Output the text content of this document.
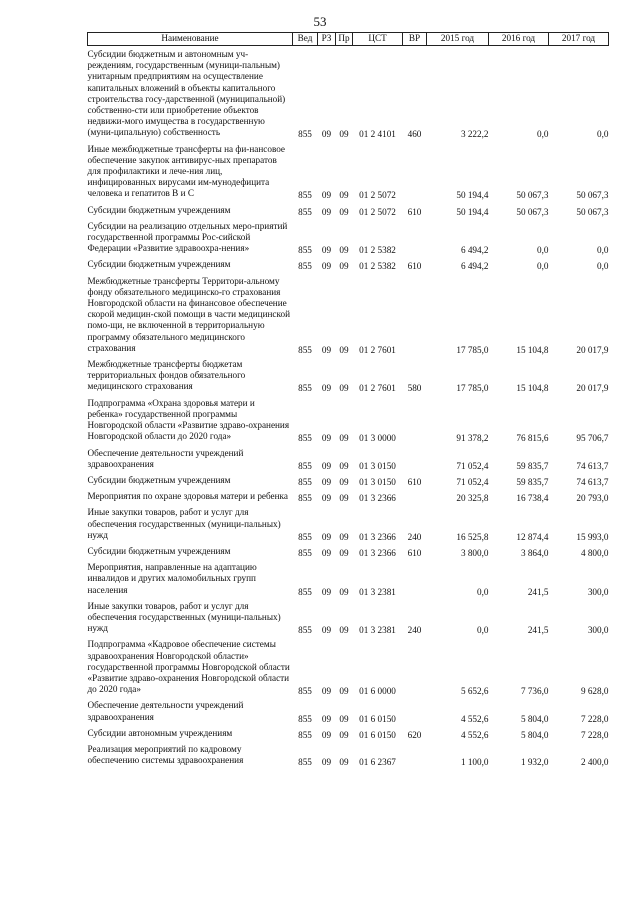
53
Наименование	Вед	РЗ	Пр	ЦСТ	ВР	2015 год	2016 год	2017 год
Субсидии бюджетным и автономным уч-реждениям, государственным (муници-пальным) унитарным предприятиям на осуществление капитальных вложений в объекты капитального строительства госу-дарственной (муниципальной) собственно-сти или приобретение объектов недвижи-мого имущества в государственную (муни-ципальную) собственность	855	09	09	01 2 4101	460	3 222,2	0,0	0,0
Иные межбюджетные трансферты на фи-нансовое обеспечение закупок антивирус-ных препаратов для профилактики и лече-ния лиц, инфицированных вирусами им-мунодефицита человека и гепатитов В и С	855	09	09	01 2 5072		50 194,4	50 067,3	50 067,3
Субсидии бюджетным учреждениям	855	09	09	01 2 5072	610	50 194,4	50 067,3	50 067,3
Субсидии на реализацию отдельных меро-приятий государственной программы Рос-сийской Федерации «Развитие здравоохра-нения»	855	09	09	01 2 5382		6 494,2	0,0	0,0
Субсидии бюджетным учреждениям	855	09	09	01 2 5382	610	6 494,2	0,0	0,0
Межбюджетные трансферты Территори-альному фонду обязательного медицинско-го страхования Новгородской области на финансовое обеспечение скорой медицин-ской помощи в части медицинской помо-щи, не включенной в территориальную программу обязательного медицинского страхования	855	09	09	01 2 7601		17 785,0	15 104,8	20 017,9
Межбюджетные трансферты бюджетам территориальных фондов обязательного медицинского страхования	855	09	09	01 2 7601	580	17 785,0	15 104,8	20 017,9
Подпрограмма «Охрана здоровья матери и ребенка» государственной программы Новгородской области «Развитие здраво-охранения Новгородской области до 2020 года»	855	09	09	01 3 0000		91 378,2	76 815,6	95 706,7
Обеспечение деятельности учреждений здравоохранения	855	09	09	01 3 0150		71 052,4	59 835,7	74 613,7
Субсидии бюджетным учреждениям	855	09	09	01 3 0150	610	71 052,4	59 835,7	74 613,7
Мероприятия по охране здоровья матери и ребенка	855	09	09	01 3 2366		20 325,8	16 738,4	20 793,0
Иные закупки товаров, работ и услуг для обеспечения государственных (муници-пальных) нужд	855	09	09	01 3 2366	240	16 525,8	12 874,4	15 993,0
Субсидии бюджетным учреждениям	855	09	09	01 3 2366	610	3 800,0	3 864,0	4 800,0
Мероприятия, направленные на адаптацию инвалидов и других маломобильных групп населения	855	09	09	01 3 2381		0,0	241,5	300,0
Иные закупки товаров, работ и услуг для обеспечения государственных (муници-пальных) нужд	855	09	09	01 3 2381	240	0,0	241,5	300,0
Подпрограмма «Кадровое обеспечение системы здравоохранения Новгородской области» государственной программы Новгородской области «Развитие здраво-охранения Новгородской области до 2020 года»	855	09	09	01 6 0000		5 652,6	7 736,0	9 628,0
Обеспечение деятельности учреждений здравоохранения	855	09	09	01 6 0150		4 552,6	5 804,0	7 228,0
Субсидии автономным учреждениям	855	09	09	01 6 0150	620	4 552,6	5 804,0	7 228,0
Реализация мероприятий по кадровому обеспечению системы здравоохранения	855	09	09	01 6 2367		1 100,0	1 932,0	2 400,0
